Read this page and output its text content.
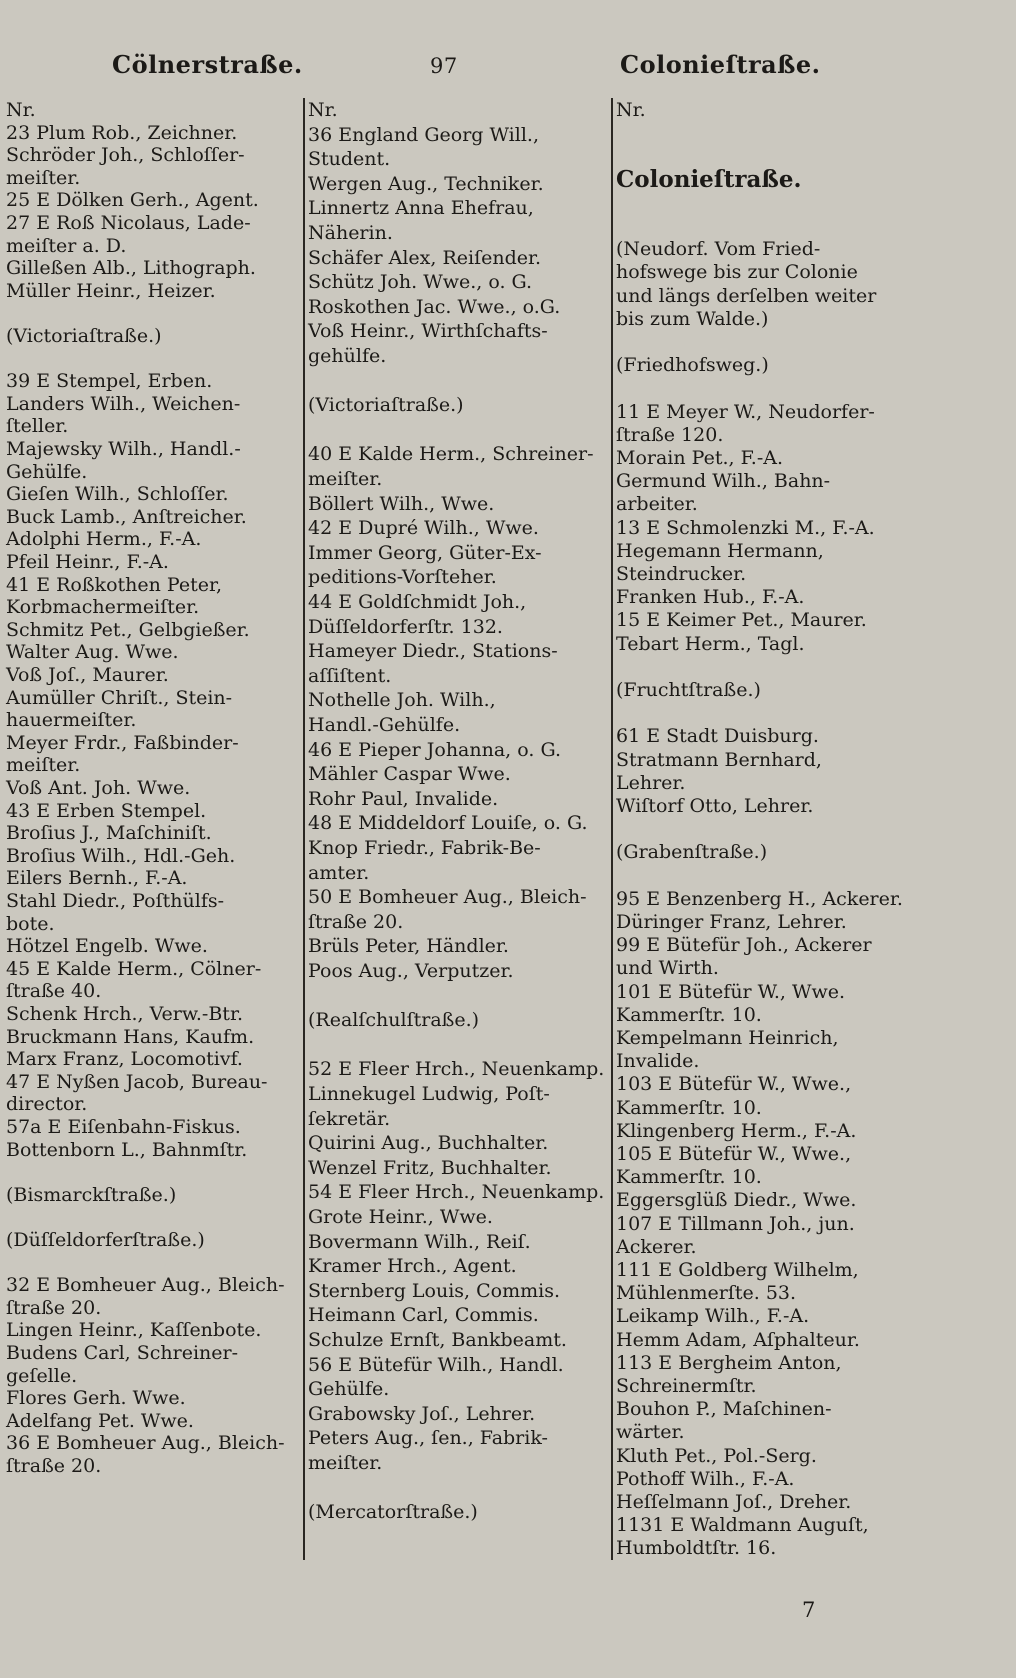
Cölnerstraße.	97	Colonieſtraße.
Nr.
23 Plum Rob., Zeichner.
Schröder Joh., Schloſſer-
meiſter.
25 E Dölken Gerh., Agent.
27 E Roß Nicolaus, Lade-
meiſter a. D.
Gilleßen Alb., Lithograph.
Müller Heinr., Heizer.
(Victoriaſtraße.)
39 E Stempel, Erben.
Landers Wilh., Weichen-
ſteller.
Majewsky Wilh., Handl.-
Gehülfe.
Gieſen Wilh., Schloſſer.
Buck Lamb., Anſtreicher.
Adolphi Herm., F.-A.
Pfeil Heinr., F.-A.
41 E Roßkothen Peter,
Korbmachermeiſter.
Schmitz Pet., Gelbgießer.
Walter Aug. Wwe.
Voß Joſ., Maurer.
Aumüller Chriſt., Stein-
hauermeiſter.
Meyer Frdr., Faßbinder-
meiſter.
Voß Ant. Joh. Wwe.
43 E Erben Stempel.
Broſius J., Maſchiniſt.
Broſius Wilh., Hdl.-Geh.
Eilers Bernh., F.-A.
Stahl Diedr., Poſthülfs-
bote.
Hötzel Engelb. Wwe.
45 E Kalde Herm., Cölner-
ſtraße 40.
Schenk Hrch., Verw.-Btr.
Bruckmann Hans, Kaufm.
Marx Franz, Locomotivf.
47 E Nyßen Jacob, Bureau-
director.
57a E Eiſenbahn-Fiskus.
Bottenborn L., Bahnmſtr.
(Bismarckſtraße.)
(Düſſeldorferſtraße.)
32 E Bomheuer Aug., Bleich-
ſtraße 20.
Lingen Heinr., Kaſſenbote.
Budens Carl, Schreiner-
geſelle.
Flores Gerh. Wwe.
Adelfang Pet. Wwe.
36 E Bomheuer Aug., Bleich-
ſtraße 20.
Nr.
36 England Georg Will.,
Student.
Wergen Aug., Techniker.
Linnertz Anna Ehefrau,
Näherin.
Schäfer Alex, Reiſender.
Schütz Joh. Wwe., o. G.
Roskothen Jac. Wwe., o.G.
Voß Heinr., Wirthſchafts-
gehülfe.
(Victoriaſtraße.)
40 E Kalde Herm., Schreiner-
meiſter.
Böllert Wilh., Wwe.
42 E Dupré Wilh., Wwe.
Immer Georg, Güter-Ex-
peditions-Vorſteher.
44 E Goldſchmidt Joh.,
Düſſeldorferſtr. 132.
Hameyer Diedr., Stations-
aſſiſtent.
Nothelle Joh. Wilh.,
Handl.-Gehülfe.
46 E Pieper Johanna, o. G.
Mähler Caspar Wwe.
Rohr Paul, Invalide.
48 E Middeldorf Louiſe, o. G.
Knop Friedr., Fabrik-Be-
amter.
50 E Bomheuer Aug., Bleich-
ſtraße 20.
Brüls Peter, Händler.
Poos Aug., Verputzer.
(Realſchulſtraße.)
52 E Fleer Hrch., Neuenkamp.
Linnekugel Ludwig, Poſt-
ſekretär.
Quirini Aug., Buchhalter.
Wenzel Fritz, Buchhalter.
54 E Fleer Hrch., Neuenkamp.
Grote Heinr., Wwe.
Bovermann Wilh., Reiſ.
Kramer Hrch., Agent.
Sternberg Louis, Commis.
Heimann Carl, Commis.
Schulze Ernſt, Bankbeamt.
56 E Bütefür Wilh., Handl.
Gehülfe.
Grabowsky Joſ., Lehrer.
Peters Aug., ſen., Fabrik-
meiſter.
(Mercatorſtraße.)
Nr.
Colonieſtraße.
(Neudorf. Vom Fried-
hofswege bis zur Colonie
und längs derſelben weiter
bis zum Walde.)
(Friedhofsweg.)
11 E Meyer W., Neudorfer-
ſtraße 120.
Morain Pet., F.-A.
Germund Wilh., Bahn-
arbeiter.
13 E Schmolenzki M., F.-A.
Hegemann Hermann,
Steindrucker.
Franken Hub., F.-A.
15 E Keimer Pet., Maurer.
Tebart Herm., Tagl.
(Fruchtſtraße.)
61 E Stadt Duisburg.
Stratmann Bernhard,
Lehrer.
Wiſtorf Otto, Lehrer.
(Grabenſtraße.)
95 E Benzenberg H., Ackerer.
Düringer Franz, Lehrer.
99 E Bütefür Joh., Ackerer
und Wirth.
101 E Bütefür W., Wwe.
Kammerſtr. 10.
Kempelmann Heinrich,
Invalide.
103 E Bütefür W., Wwe.,
Kammerſtr. 10.
Klingenberg Herm., F.-A.
105 E Bütefür W., Wwe.,
Kammerſtr. 10.
Eggersglüß Diedr., Wwe.
107 E Tillmann Joh., jun.
Ackerer.
111 E Goldberg Wilhelm,
Mühlenmerſte. 53.
Leikamp Wilh., F.-A.
Hemm Adam, Aſphalteur.
113 E Bergheim Anton,
Schreinermſtr.
Bouhon P., Maſchinen-
wärter.
Kluth Pet., Pol.-Serg.
Pothoff Wilh., F.-A.
Heſſelmann Joſ., Dreher.
1131 E Waldmann Auguſt,
Humboldtſtr. 16.
7
